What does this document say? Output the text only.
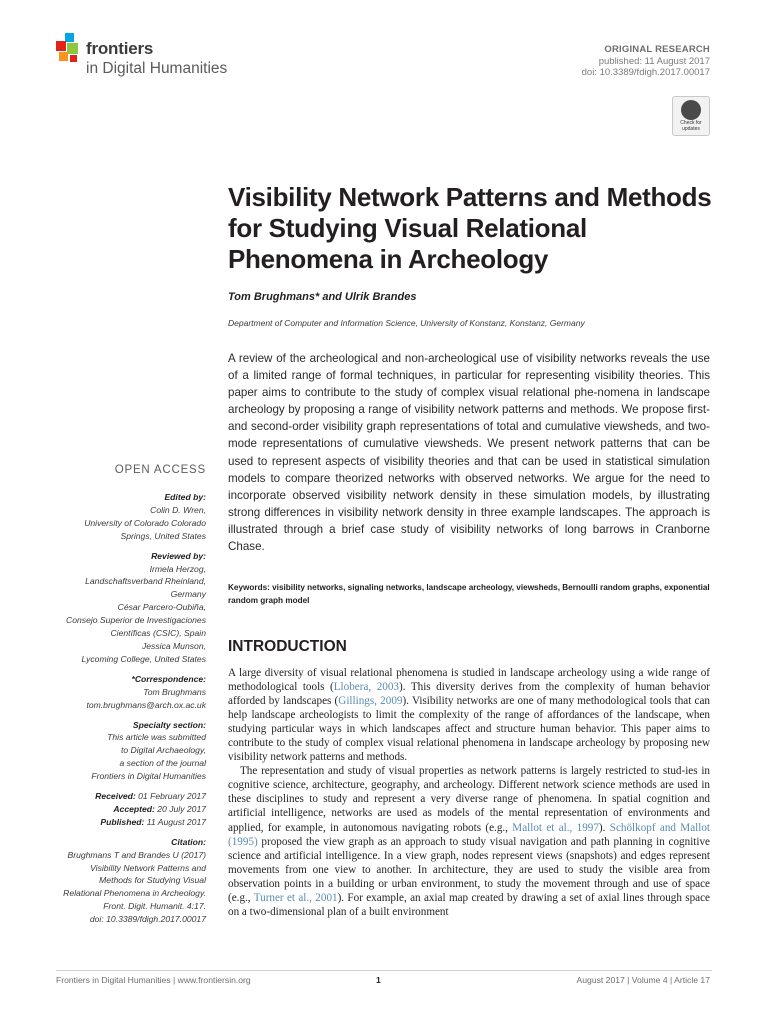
frontiers
in Digital Humanities
ORIGINAL RESEARCH
published: 11 August 2017
doi: 10.3389/fdigh.2017.00017
Check for
updates
Visibility Network Patterns and Methods for Studying Visual Relational Phenomena in Archeology
Tom Brughmans* and Ulrik Brandes
Department of Computer and Information Science, University of Konstanz, Konstanz, Germany

A review of the archeological and non-archeological use of visibility networks reveals the use of a limited range of formal techniques, in particular for representing visibility theories. This paper aims to contribute to the study of complex visual relational phe-nomena in landscape archeology by proposing a range of visibility network patterns and methods. We propose first- and second-order visibility graph representations of total and cumulative viewsheds, and two-mode representations of cumulative viewsheds. We present network patterns that can be used to represent aspects of visibility theories and that can be used in statistical simulation models to compare theorized networks with observed networks. We argue for the need to incorporate observed visibility network density in these simulation models, by illustrating strong differences in visibility network density in three example landscapes. The approach is illustrated through a brief case study of visibility networks of long barrows in Cranborne Chase.

Keywords: visibility networks, signaling networks, landscape archeology, viewsheds, Bernoulli random graphs, exponential random graph model

INTRODUCTION

A large diversity of visual relational phenomena is studied in landscape archeology using a wide range of methodological tools (Llobera, 2003). This diversity derives from the complexity of human behavior afforded by landscapes (Gillings, 2009). Visibility networks are one of many methodological tools that can help landscape archeologists to limit the complexity of the range of affordances of the landscape, when studying particular ways in which landscapes affect and structure human behavior. This paper aims to contribute to the study of complex visual relational phenomena in landscape archeology by proposing new visibility network patterns and methods.

The representation and study of visual properties as network patterns is largely restricted to stud-ies in cognitive science, architecture, geography, and archeology. Different network science methods are used in these disciplines to study and represent a very diverse range of phenomena. In spatial cognition and artificial intelligence, networks are used as models of the mental representation of environments and applied, for example, in autonomous navigating robots (e.g., Mallot et al., 1997). Schölkopf and Mallot (1995) proposed the view graph as an approach to study visual navigation and path planning in cognitive science and artificial intelligence. In a view graph, nodes represent views (snapshots) and edges represent movements from one view to another. In architecture, they are used to study the visible area from observation points in a building or urban environment, to study the movement through and use of space (e.g., Turner et al., 2001). For example, an axial map created by drawing a set of axial lines through space on a two-dimensional plan of a built environment

OPEN ACCESS
Edited by:
Colin D. Wren,
University of Colorado Colorado
Springs, United States
Reviewed by:
Irmela Herzog,
Landschaftsverband Rheinland,
Germany
César Parcero-Oubiña,
Consejo Superior de Investigaciones
Científicas (CSIC), Spain
Jessica Munson,
Lycoming College, United States
*Correspondence:
Tom Brughmans
tom.brughmans@arch.ox.ac.uk
Specialty section:
This article was submitted
to Digital Archaeology,
a section of the journal
Frontiers in Digital Humanities
Received: 01 February 2017
Accepted: 20 July 2017
Published: 11 August 2017
Citation:
Brughmans T and Brandes U (2017)
Visibility Network Patterns and
Methods for Studying Visual
Relational Phenomena in Archeology.
Front. Digit. Humanit. 4:17.
doi: 10.3389/fdigh.2017.00017
Frontiers in Digital Humanities | www.frontiersin.org	1	August 2017 | Volume 4 | Article 17
